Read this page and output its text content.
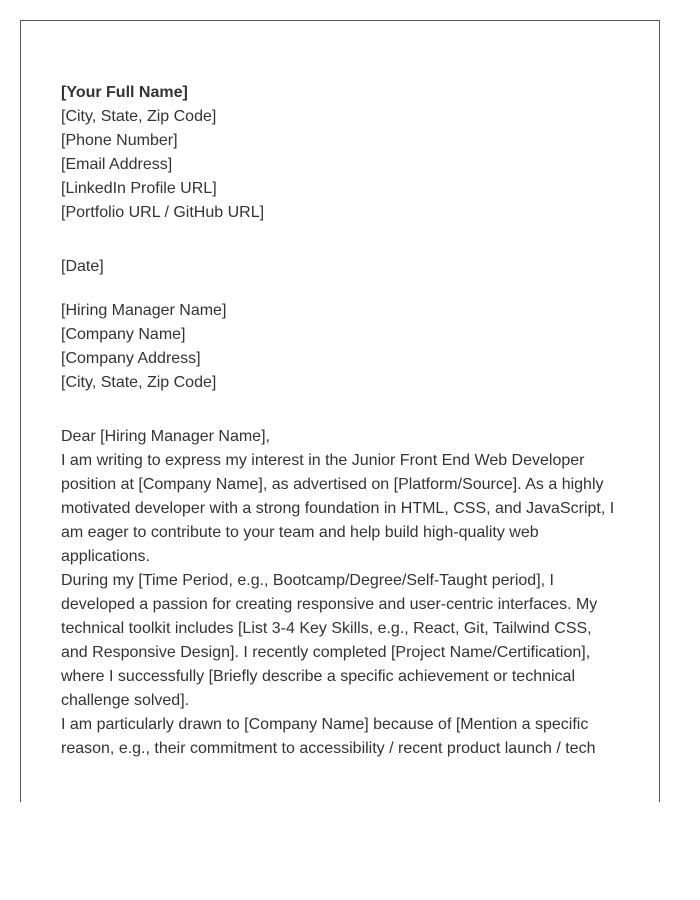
[Your Full Name]
[City, State, Zip Code]
[Phone Number]
[Email Address]
[LinkedIn Profile URL]
[Portfolio URL / GitHub URL]
[Date]
[Hiring Manager Name]
[Company Name]
[Company Address]
[City, State, Zip Code]
Dear [Hiring Manager Name],

I am writing to express my interest in the Junior Front End Web Developer position at [Company Name], as advertised on [Platform/Source]. As a highly motivated developer with a strong foundation in HTML, CSS, and JavaScript, I am eager to contribute to your team and help build high-quality web applications.

During my [Time Period, e.g., Bootcamp/Degree/Self-Taught period], I developed a passion for creating responsive and user-centric interfaces. My technical toolkit includes [List 3-4 Key Skills, e.g., React, Git, Tailwind CSS, and Responsive Design]. I recently completed [Project Name/Certification], where I successfully [Briefly describe a specific achievement or technical challenge solved].

I am particularly drawn to [Company Name] because of [Mention a specific reason, e.g., their commitment to accessibility / recent product launch / tech
